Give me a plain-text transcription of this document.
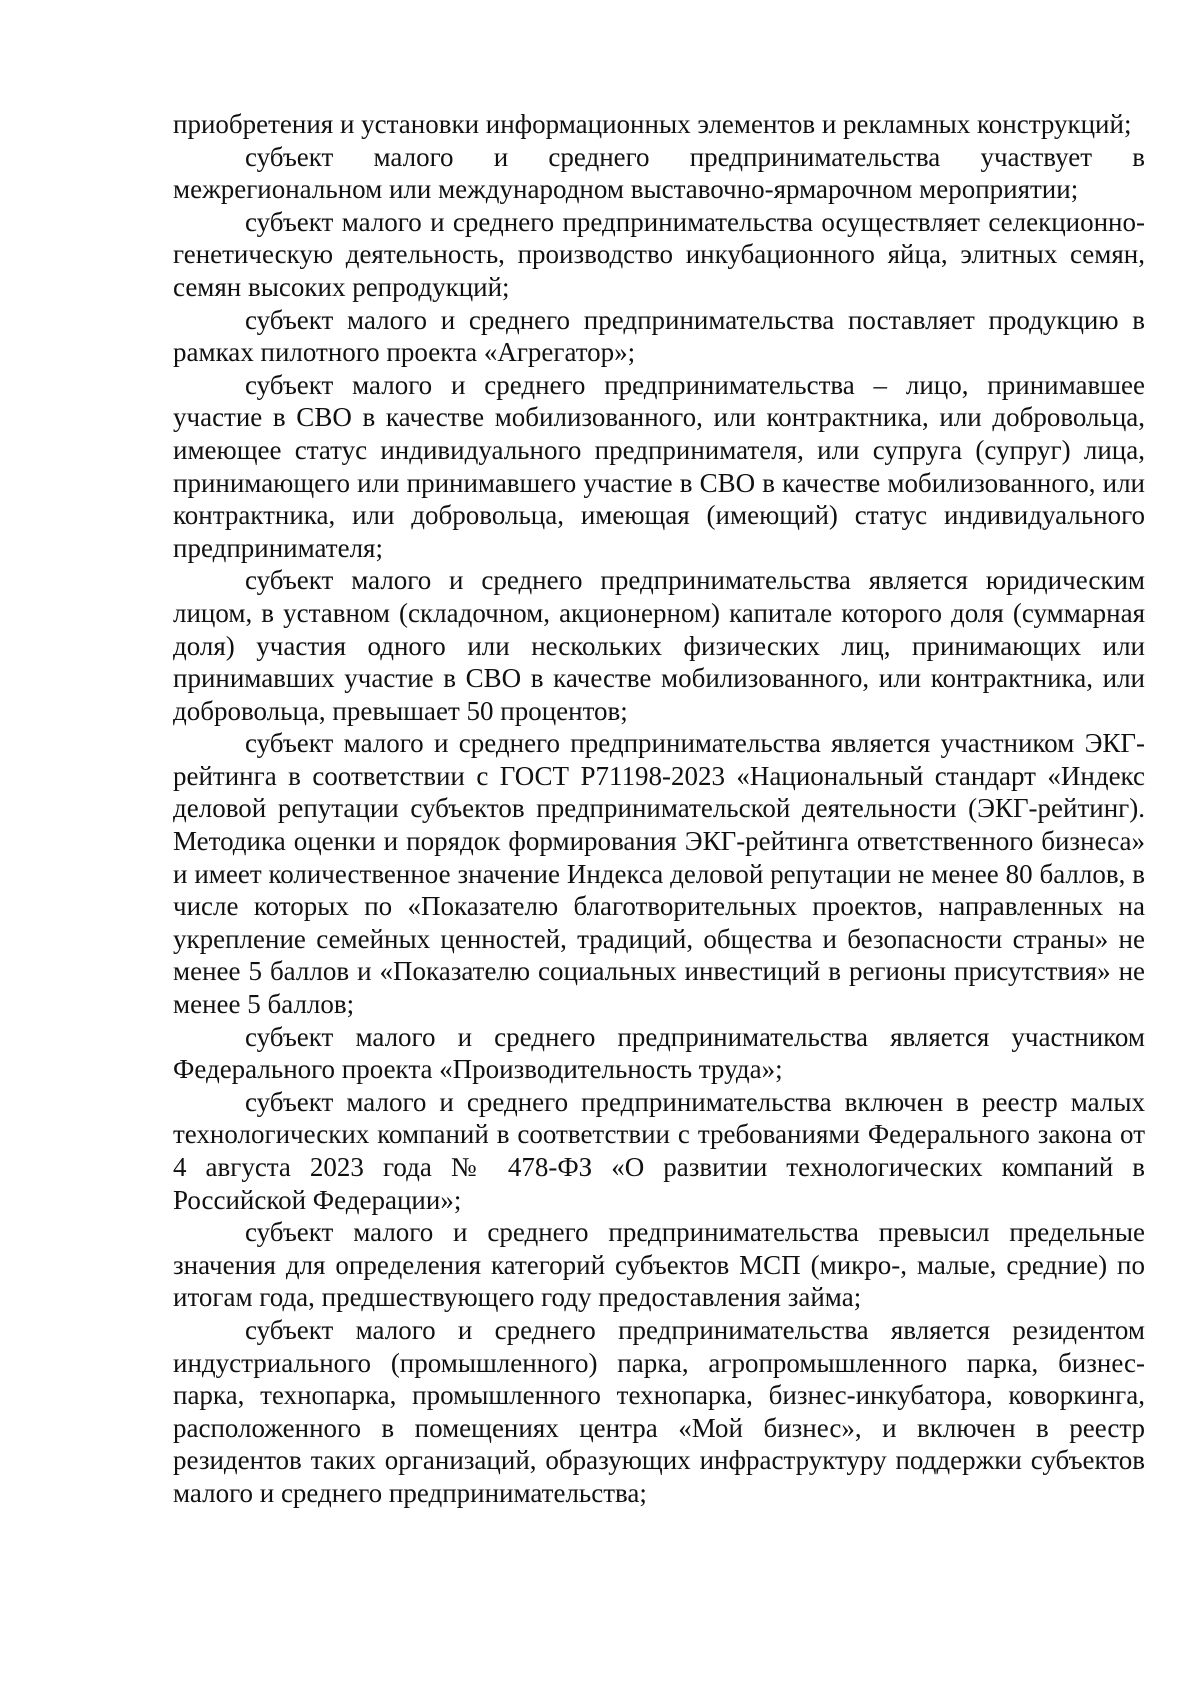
приобретения и установки информационных элементов и рекламных конструкций;

субъект малого и среднего предпринимательства участвует в межрегиональном или международном выставочно-ярмарочном мероприятии;

субъект малого и среднего предпринимательства осуществляет селекционно-генетическую деятельность, производство инкубационного яйца, элитных семян, семян высоких репродукций;

субъект малого и среднего предпринимательства поставляет продукцию в рамках пилотного проекта «Агрегатор»;

субъект малого и среднего предпринимательства – лицо, принимавшее участие в СВО в качестве мобилизованного, или контрактника, или добровольца, имеющее статус индивидуального предпринимателя, или супруга (супруг) лица, принимающего или принимавшего участие в СВО в качестве мобилизованного, или контрактника, или добровольца, имеющая (имеющий) статус индивидуального предпринимателя;

субъект малого и среднего предпринимательства является юридическим лицом, в уставном (складочном, акционерном) капитале которого доля (суммарная доля) участия одного или нескольких физических лиц, принимающих или принимавших участие в СВО в качестве мобилизованного, или контрактника, или добровольца, превышает 50 процентов;

субъект малого и среднего предпринимательства является участником ЭКГ-рейтинга в соответствии с ГОСТ Р71198-2023 «Национальный стандарт «Индекс деловой репутации субъектов предпринимательской деятельности (ЭКГ-рейтинг). Методика оценки и порядок формирования ЭКГ-рейтинга ответственного бизнеса» и имеет количественное значение Индекса деловой репутации не менее 80 баллов, в числе которых по «Показателю благотворительных проектов, направленных на укрепление семейных ценностей, традиций, общества и безопасности страны» не менее 5 баллов и «Показателю социальных инвестиций в регионы присутствия» не менее 5 баллов;

субъект малого и среднего предпринимательства является участником Федерального проекта «Производительность труда»;

субъект малого и среднего предпринимательства включен в реестр малых технологических компаний в соответствии с требованиями Федерального закона от 4 августа 2023 года № 478-ФЗ «О развитии технологических компаний в Российской Федерации»;

субъект малого и среднего предпринимательства превысил предельные значения для определения категорий субъектов МСП (микро-, малые, средние) по итогам года, предшествующего году предоставления займа;

субъект малого и среднего предпринимательства является резидентом индустриального (промышленного) парка, агропромышленного парка, бизнес-парка, технопарка, промышленного технопарка, бизнес-инкубатора, коворкинга, расположенного в помещениях центра «Мой бизнес», и включен в реестр резидентов таких организаций, образующих инфраструктуру поддержки субъектов малого и среднего предпринимательства;
